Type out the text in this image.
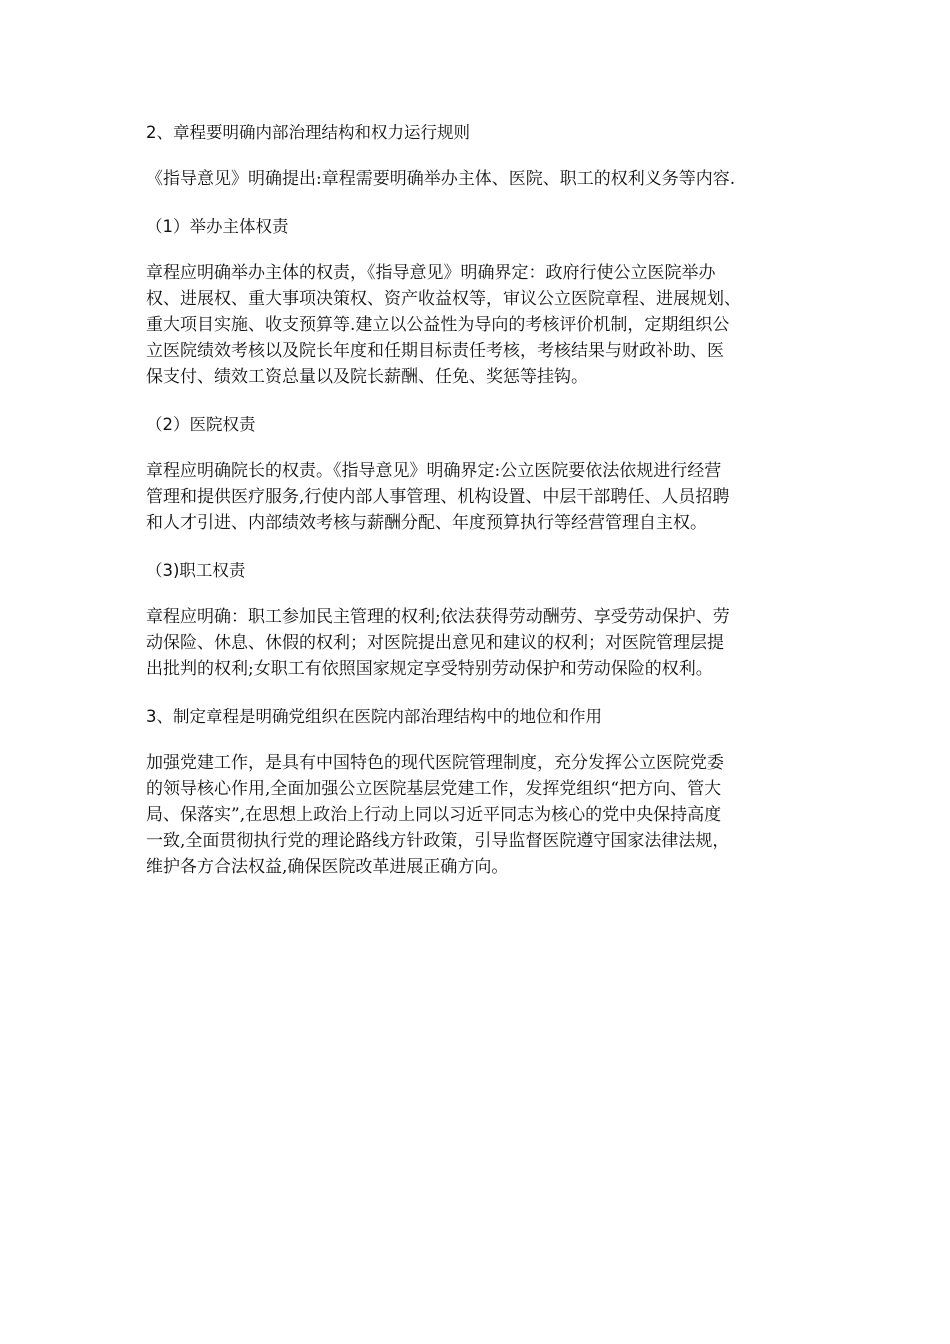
2、章程要明确内部治理结构和权力运行规则

《指导意见》明确提出:章程需要明确举办主体、医院、职工的权利义务等内容.

（1）举办主体权责

章程应明确举办主体的权责，《指导意见》明确界定：政府行使公立医院举办
权、进展权、重大事项决策权、资产收益权等，审议公立医院章程、进展规划、
重大项目实施、收支预算等.建立以公益性为导向的考核评价机制，定期组织公
立医院绩效考核以及院长年度和任期目标责任考核，考核结果与财政补助、医
保支付、绩效工资总量以及院长薪酬、任免、奖惩等挂钩。

（2）医院权责

章程应明确院长的权责。《指导意见》明确界定:公立医院要依法依规进行经营
管理和提供医疗服务,行使内部人事管理、机构设置、中层干部聘任、人员招聘
和人才引进、内部绩效考核与薪酬分配、年度预算执行等经营管理自主权。

（3)职工权责

章程应明确：职工参加民主管理的权利;依法获得劳动酬劳、享受劳动保护、劳
动保险、休息、休假的权利；对医院提出意见和建议的权利；对医院管理层提
出批判的权利;女职工有依照国家规定享受特别劳动保护和劳动保险的权利。

3、制定章程是明确党组织在医院内部治理结构中的地位和作用

加强党建工作，是具有中国特色的现代医院管理制度，充分发挥公立医院党委
的领导核心作用,全面加强公立医院基层党建工作，发挥党组织“把方向、管大
局、保落实”,在思想上政治上行动上同以习近平同志为核心的党中央保持高度
一致,全面贯彻执行党的理论路线方针政策，引导监督医院遵守国家法律法规，
维护各方合法权益,确保医院改革进展正确方向。
